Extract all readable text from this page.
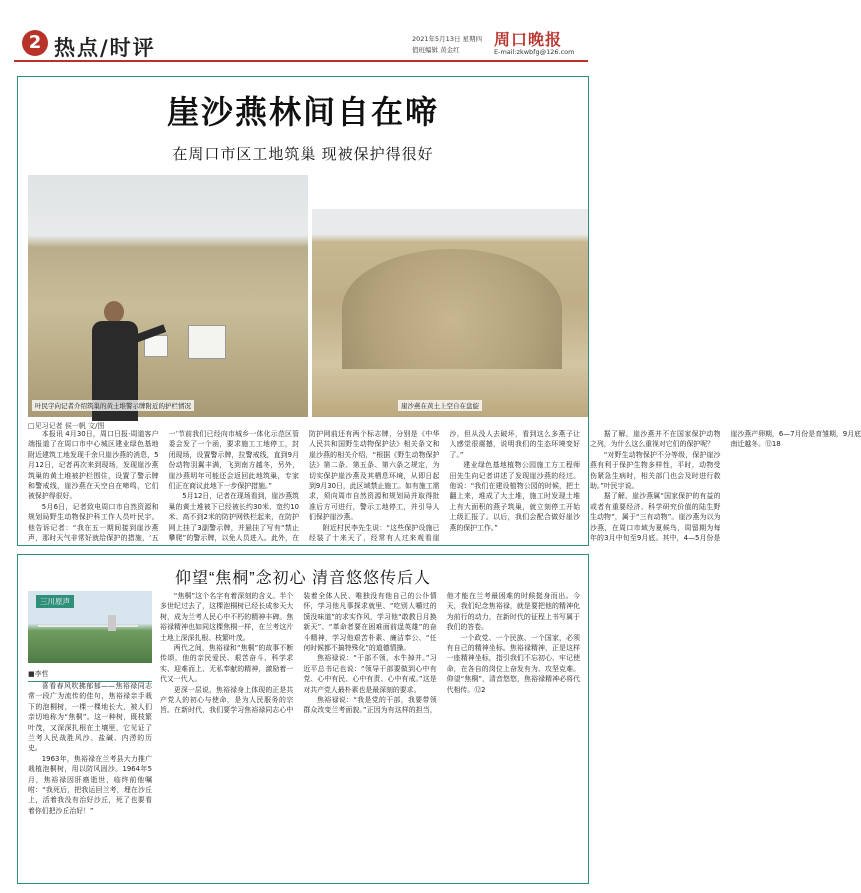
2 热点/时评	2021年5月13日 星期四
值班编辑 黄金红
周口晚报
E-mail:zkwbfg@126.com
崖沙燕林间自在啼
在周口市区工地筑巢 现被保护得很好
叶民宇向记者介绍筑巢的黄土堆警示牌附近的护栏情况	崖沙燕在黄土上空自在盘旋
□见习记者 侯一帆 文/图

本报讯 4月30日，周口日报·周道客户端报道了在周口市中心城区建业绿色基地附近建筑工地发现千余只崖沙燕的消息，5月12日，记者再次来到现场，发现崖沙燕筑巢的黄土堆被护栏围住，设置了警示牌和警戒线，崖沙燕在天空自在啼鸣，它们被保护得很好。

5月6日，记者致电周口市自然资源和规划局野生动物保护科工作人员叶民宇。他告诉记者：“我在五一期间接到崖沙燕声，那时天气非常好就给保护的措施，‘五一’节前我们已经向市城乡一体化示范区管委会发了一个函，要求施工工地停工，封闭现场，设置警示牌，拉警戒线，直到9月份动物羽翼丰满，飞到南方越冬，另外，崖沙燕明年可能还会返回此地筑巢，专家们正在商议此地下一步保护措施。”

5月12日，记者在现场看到，崖沙燕筑巢的黄土堆被下已经被长约30米、宽约10米、高不到2米的防护网铁栏起来，在防护网上挂了3副警示牌，并悬挂了写有“禁止攀爬”的警示牌，以免人员进入。此外，在防护网前还有两个标志牌，分别是《中华人民共和国野生动物保护法》相关条文和崖沙燕的相关介绍，“根据《野生动物保护法》第二条、第五条、第六条之规定，为切实保护崖沙燕及其栖息环境，从即日起到9月30日，此区域禁止施工。如有施工需求，须向周市自然资源和规划局并取得批准后方可进行，警示工地停工，并引导人们保护崖沙燕。

附近村民李先生说：“这些保护设施已经装了十来天了，经常有人过来观看崖沙，但从没人去破坏，看到这么多燕子让人感觉很震撼，说明我们的生态环境变好了。”

建业绿色基地植物公园施工方工程师田先生向记者讲述了发现崖沙燕的经过。他说：“我们在建设植物公园的时候，把土翻上来，堆成了大土堆，施工时发现土堆上有大面积的燕子筑巢，就立刻停工开始上级汇报了。以后，我们会配合做好崖沙燕的保护工作。”

据了解，崖沙燕并不在国家保护动物之列，为什么这么重视对它们的保护呢？

“对野生动物保护不分等级，保护崖沙燕有利于保护生物多样性，平时，动物受伤紧急生病时，相关部门也会及时进行救助。”叶民宇说。

据了解，崖沙燕属“国家保护的有益的或者有重要经济、科学研究价值的陆生野生动物”，属于“三有动物”。崖沙燕为以为沙燕，在周口市域为夏候鸟，周留期为每年的3月中旬至9月底。其中，4—5月份是崖沙燕产卵期，6—7月份是育雏期，9月底南迁越冬。⑫18

仰望“焦桐”念初心 清音悠悠传后人
三川原声
■李哲

喜看春风吹拂郁郁——焦裕禄同志常一段广为流传的佳句，焦裕禄亲手栽下的泡桐树，一棵一棵地长大，被人们亲切地称为“焦桐”。这一种树，既枝繁叶茂，又深深扎根在土壤里，它见证了兰考人民战胜风沙、盐碱、内涝的历史。

1963年，焦裕禄在兰考县大力推广栽植泡桐树，用以防风固沙。1964年5月，焦裕禄因肝癌逝世，临终前他嘱咐：“我死后，把我运回兰考，埋在沙丘上，活着我没有治好沙丘，死了也要看着你们把沙丘治好！”

“焦桐”这个名字有着深刻的含义。半个多世纪过去了，这棵泡桐树已经长成参天大树，成为兰考人民心中不朽的精神丰碑。焦裕禄精神也如同这棵焦桐一样，在兰考这片土地上深深扎根、枝繁叶茂。

两代之间，焦裕禄和“焦桐”的故事不断传颂，他的亲民爱民、艰苦奋斗、科学求实、迎难而上、无私奉献的精神，激励着一代又一代人。

更深一层说，焦裕禄身上体现的正是共产党人的初心与使命，是为人民服务的宗旨。在新时代，我们要学习焦裕禄同志心中装着全体人民、唯独没有他自己的公仆情怀，学习他凡事探求就里、“吃别人嚼过的馍没味道”的求实作风，学习他“敢教日月换新天”、“革命者要在困难面前逞英雄”的奋斗精神，学习他艰苦朴素、廉洁奉公、“任何时候都不搞特殊化”的道德情操。

焦裕禄说：“干部不领，水牛掉井。”习近平总书记也说：“领导干部要做到心中有党、心中有民、心中有责、心中有戒。”这是对共产党人最朴素也是最深刻的要求。

焦裕禄说：“我是党的干部，我要带领群众改变兰考面貌。”正因为有这样的担当，他才能在兰考最困难的时候挺身而出。今天，我们纪念焦裕禄，就是要把他的精神化为前行的动力，在新时代的征程上书写属于我们的答卷。

一个政党、一个民族、一个国家，必须有自己的精神坐标。焦裕禄精神，正是这样一座精神坐标，指引我们不忘初心、牢记使命，在各自的岗位上奋发有为、攻坚克难。仰望“焦桐”，清音悠悠，焦裕禄精神必将代代相传。⑫2
